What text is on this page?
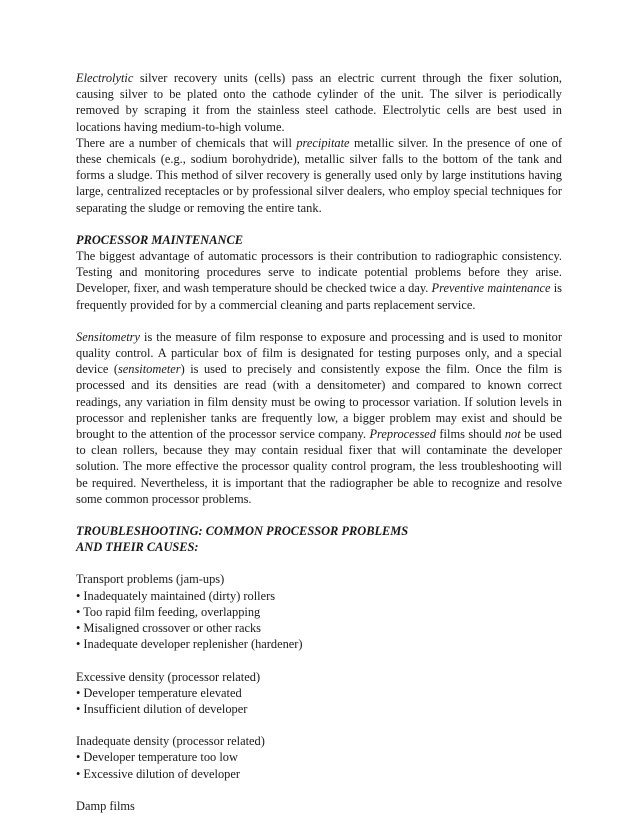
Electrolytic silver recovery units (cells) pass an electric current through the fixer solution, causing silver to be plated onto the cathode cylinder of the unit. The silver is periodically removed by scraping it from the stainless steel cathode. Electrolytic cells are best used in locations having medium-to-high volume.

There are a number of chemicals that will precipitate metallic silver. In the presence of one of these chemicals (e.g., sodium borohydride), metallic silver falls to the bottom of the tank and forms a sludge. This method of silver recovery is generally used only by large institutions having large, centralized receptacles or by professional silver dealers, who employ special techniques for separating the sludge or removing the entire tank.

PROCESSOR MAINTENANCE

The biggest advantage of automatic processors is their contribution to radiographic consistency. Testing and monitoring procedures serve to indicate potential problems before they arise. Developer, fixer, and wash temperature should be checked twice a day. Preventive maintenance is frequently provided for by a commercial cleaning and parts replacement service.

Sensitometry is the measure of film response to exposure and processing and is used to monitor quality control. A particular box of film is designated for testing purposes only, and a special device (sensitometer) is used to precisely and consistently expose the film. Once the film is processed and its densities are read (with a densitometer) and compared to known correct readings, any variation in film density must be owing to processor variation. If solution levels in processor and replenisher tanks are frequently low, a bigger problem may exist and should be brought to the attention of the processor service company. Preprocessed films should not be used to clean rollers, because they may contain residual fixer that will contaminate the developer solution. The more effective the processor quality control program, the less troubleshooting will be required. Nevertheless, it is important that the radiographer be able to recognize and resolve some common processor problems.

TROUBLESHOOTING: COMMON PROCESSOR PROBLEMS
AND THEIR CAUSES:

Transport problems (jam-ups)

• Inadequately maintained (dirty) rollers

• Too rapid film feeding, overlapping

• Misaligned crossover or other racks

• Inadequate developer replenisher (hardener)

Excessive density (processor related)

• Developer temperature elevated

• Insufficient dilution of developer

Inadequate density (processor related)

• Developer temperature too low

• Excessive dilution of developer

Damp films
